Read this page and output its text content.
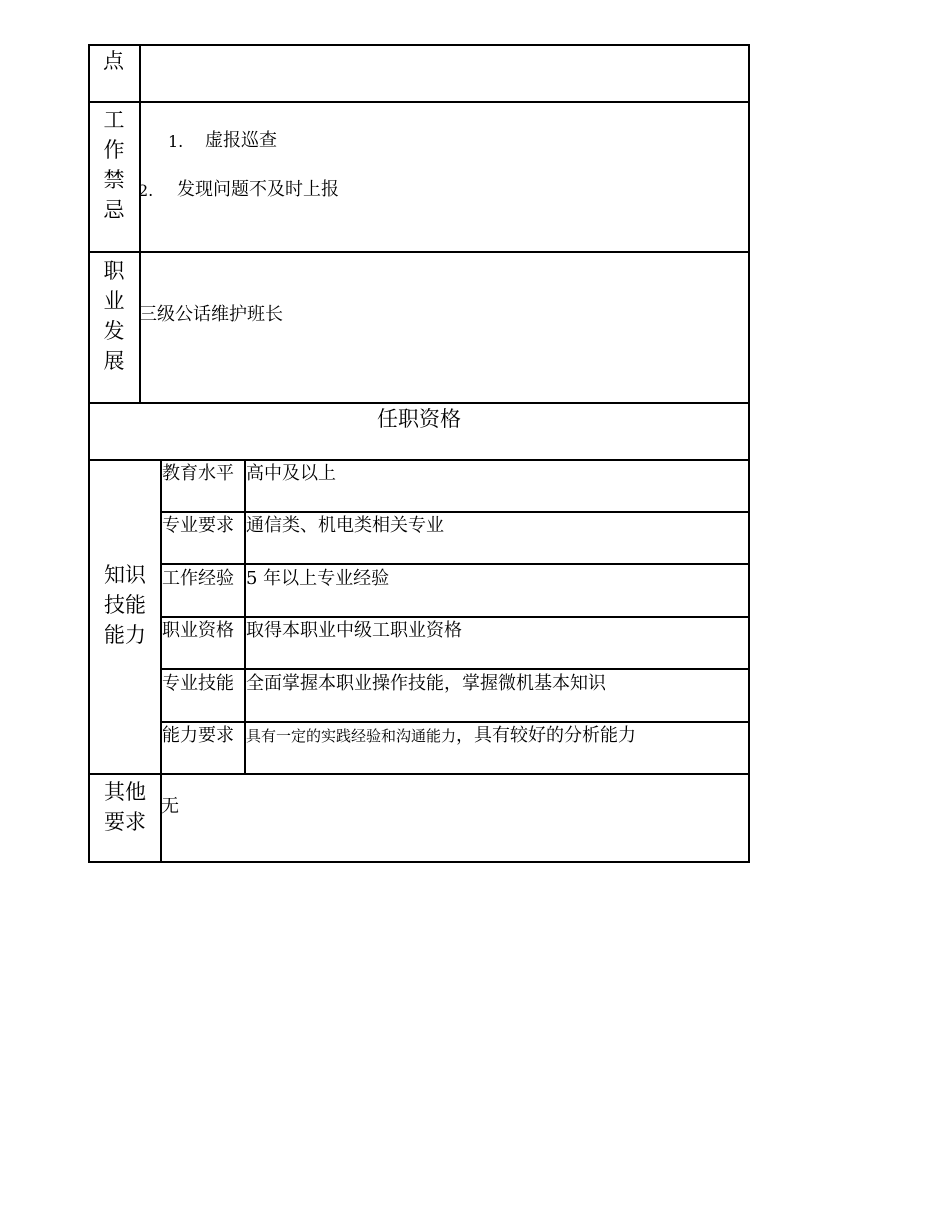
点
工
作
禁
忌
1. 虚报巡查
2. 发现问题不及时上报
职
业
发
展
三级公话维护班长
任职资格
知识
技能
能力
教育水平 高中及以上
专业要求 通信类、机电类相关专业
工作经验 5 年以上专业经验
职业资格 取得本职业中级工职业资格
专业技能 全面掌握本职业操作技能，掌握微机基本知识
能力要求 具有一定的实践经验和沟通能力，具有较好的分析能力
其他
要求
无
